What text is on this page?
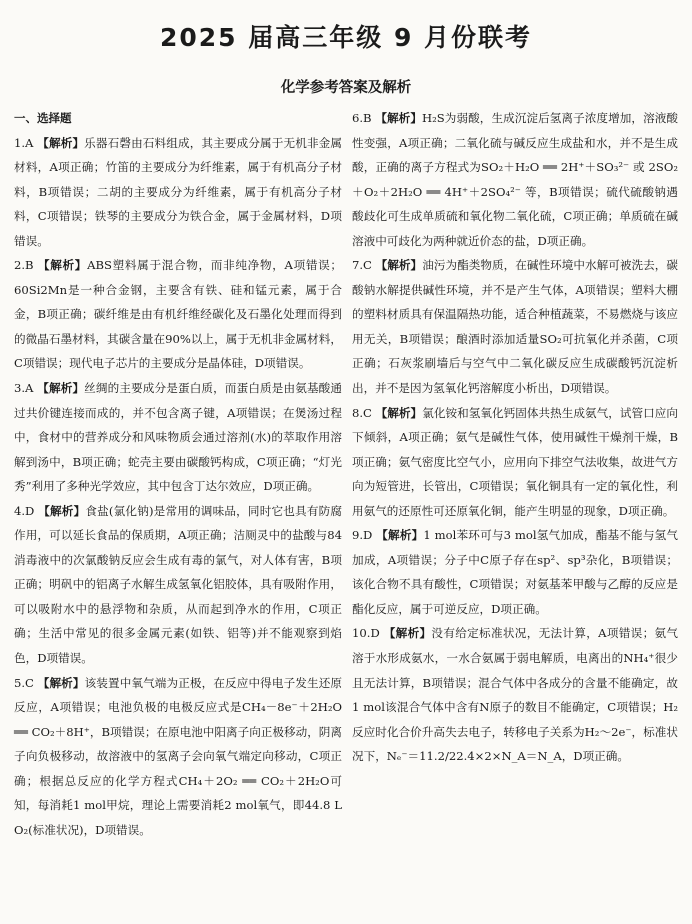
2025 届高三年级 9 月份联考
化学参考答案及解析
一、选择题

1.A 【解析】乐器石磬由石料组成，其主要成分属于无机非金属材料，A项正确；竹笛的主要成分为纤维素，属于有机高分子材料，B项错误；二胡的主要成分为纤维素，属于有机高分子材料，C项错误；铁琴的主要成分为铁合金，属于金属材料，D项错误。

2.B 【解析】ABS塑料属于混合物，而非纯净物，A项错误；60Si2Mn是一种合金钢，主要含有铁、硅和锰元素，属于合金，B项正确；碳纤维是由有机纤维经碳化及石墨化处理而得到的微晶石墨材料，其碳含量在90%以上，属于无机非金属材料，C项错误；现代电子芯片的主要成分是晶体硅，D项错误。

3.A 【解析】丝绸的主要成分是蛋白质，而蛋白质是由氨基酸通过共价键连接而成的，并不包含离子键，A项错误；在煲汤过程中，食材中的营养成分和风味物质会通过溶剂(水)的萃取作用溶解到汤中，B项正确；蛇壳主要由碳酸钙构成，C项正确；“灯光秀”利用了多种光学效应，其中包含丁达尔效应，D项正确。

4.D 【解析】食盐(氯化钠)是常用的调味品，同时它也具有防腐作用，可以延长食品的保质期，A项正确；洁厕灵中的盐酸与84消毒液中的次氯酸钠反应会生成有毒的氯气，对人体有害，B项正确；明矾中的铝离子水解生成氢氧化铝胶体，具有吸附作用，可以吸附水中的悬浮物和杂质，从而起到净水的作用，C项正确；生活中常见的很多金属元素(如铁、铝等)并不能观察到焰色，D项错误。

5.C 【解析】该装置中氧气端为正极，在反应中得电子发生还原反应，A项错误；电池负极的电极反应式是CH₄－8e⁻＋2H₂O ══ CO₂＋8H⁺，B项错误；在原电池中阳离子向正极移动，阴离子向负极移动，故溶液中的氢离子会向氧气端定向移动，C项正确；根据总反应的化学方程式CH₄＋2O₂ ══ CO₂＋2H₂O可知，每消耗1 mol甲烷，理论上需要消耗2 mol氧气，即44.8 L O₂(标准状况)，D项错误。

6.B 【解析】H₂S为弱酸，生成沉淀后氢离子浓度增加，溶液酸性变强，A项正确；二氧化硫与碱反应生成盐和水，并不是生成酸，正确的离子方程式为SO₂＋H₂O ══ 2H⁺＋SO₃²⁻ 或 2SO₂＋O₂＋2H₂O ══ 4H⁺＋2SO₄²⁻ 等，B项错误；硫代硫酸钠遇酸歧化可生成单质硫和氧化物二氧化硫，C项正确；单质硫在碱溶液中可歧化为两种就近价态的盐，D项正确。

7.C 【解析】油污为酯类物质，在碱性环境中水解可被洗去，碳酸钠水解提供碱性环境，并不是产生气体，A项错误；塑料大棚的塑料材质具有保温隔热功能，适合种植蔬菜，不易燃烧与该应用无关，B项错误；酿酒时添加适量SO₂可抗氧化并杀菌，C项正确；石灰浆刷墙后与空气中二氧化碳反应生成碳酸钙沉淀析出，并不是因为氢氧化钙溶解度小析出，D项错误。

8.C 【解析】氯化铵和氢氧化钙固体共热生成氨气，试管口应向下倾斜，A项正确；氨气是碱性气体，使用碱性干燥剂干燥，B项正确；氨气密度比空气小，应用向下排空气法收集，故进气方向为短管进，长管出，C项错误；氧化铜具有一定的氧化性，利用氨气的还原性可还原氧化铜，能产生明显的现象，D项正确。

9.D 【解析】1 mol苯环可与3 mol氢气加成，酯基不能与氢气加成，A项错误；分子中C原子存在sp²、sp³杂化，B项错误；该化合物不具有酸性，C项错误；对氨基苯甲酸与乙醇的反应是酯化反应，属于可逆反应，D项正确。

10.D 【解析】没有给定标准状况，无法计算，A项错误；氨气溶于水形成氨水，一水合氨属于弱电解质，电离出的NH₄⁺很少且无法计算，B项错误；混合气体中各成分的含量不能确定，故1 mol该混合气体中含有N原子的数目不能确定，C项错误；H₂反应时化合价升高失去电子，转移电子关系为H₂～2e⁻，标准状况下，Nₑ⁻＝11.2/22.4×2×N_A＝N_A，D项正确。
